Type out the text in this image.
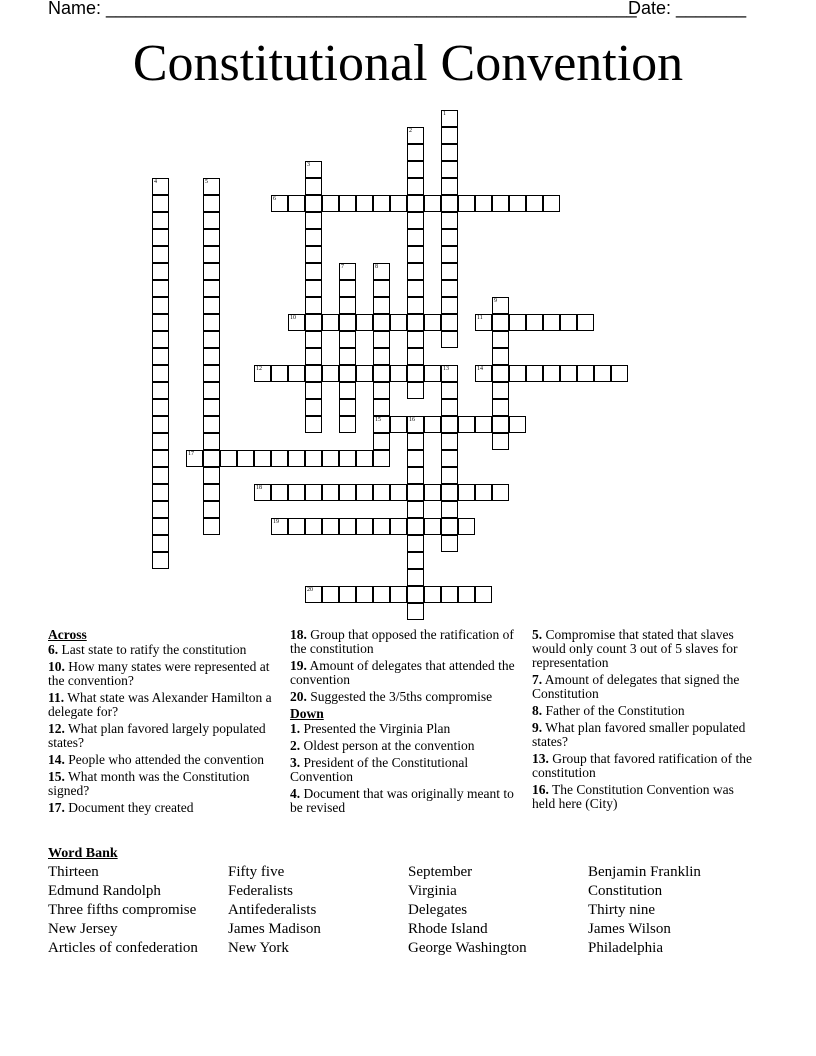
Name: _____________________________________________________
Date: _______
Constitutional Convention
1
2
3
4	5
6
7	8
15
9
10	11
12	13	14
16
17
18
19
20
Across
6. Last state to ratify the constitution
10. How many states were represented at the convention?
11. What state was Alexander Hamilton a delegate for?
12. What plan favored largely populated states?
14. People who attended the convention
15. What month was the Constitution signed?
17. Document they created
18. Group that opposed the ratification of the constitution
19. Amount of delegates that attended the convention
20. Suggested the 3/5ths compromise
Down
1. Presented the Virginia Plan
2. Oldest person at the convention
3. President of the Constitutional Convention
4. Document that was originally meant to be revised
5. Compromise that stated that slaves would only count 3 out of 5 slaves for representation
7. Amount of delegates that signed the Constitution
8. Father of the Constitution
9. What plan favored smaller populated states?
13. Group that favored ratification of the constitution
16. The Constitution Convention was held here (City)
Word Bank
Thirteen
Edmund Randolph
Three fifths compromise
New Jersey
Articles of confederation
Fifty five
Federalists
Antifederalists
James Madison
New York
September
Virginia
Delegates
Rhode Island
George Washington
Benjamin Franklin
Constitution
Thirty nine
James Wilson
Philadelphia
